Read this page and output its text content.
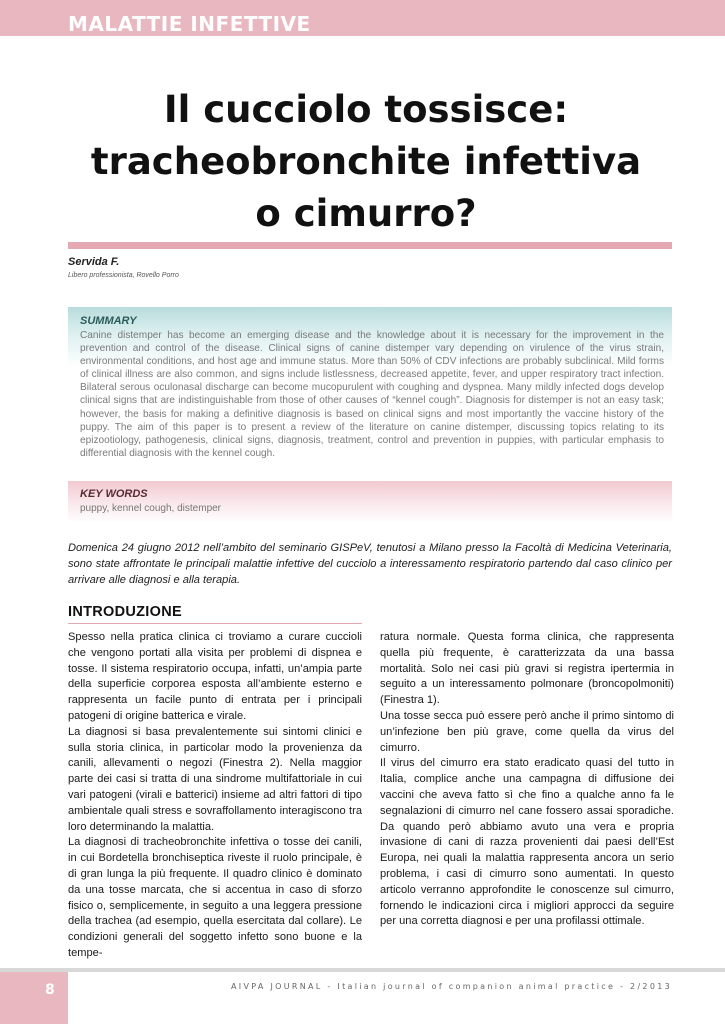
MALATTIE INFETTIVE
Il cucciolo tossisce:
tracheobronchite infettiva
o cimurro?
Servida F.
Libero professionista, Rovello Porro
SUMMARY
Canine distemper has become an emerging disease and the knowledge about it is necessary for the improvement in the prevention and control of the disease. Clinical signs of canine distemper vary depending on virulence of the virus strain, environmental conditions, and host age and immune status. More than 50% of CDV infections are probably subclinical. Mild forms of clinical illness are also common, and signs include listlessness, decreased appetite, fever, and upper respiratory tract infection. Bilateral serous oculonasal discharge can become mucopurulent with coughing and dyspnea. Many mildly infected dogs develop clinical signs that are indistinguishable from those of other causes of “kennel cough”. Diagnosis for distemper is not an easy task; however, the basis for making a definitive diagnosis is based on clinical signs and most importantly the vaccine history of the puppy. The aim of this paper is to present a review of the literature on canine distemper, discussing topics relating to its epizootiology, pathogenesis, clinical signs, diagnosis, treatment, control and prevention in puppies, with particular emphasis to differential diagnosis with the kennel cough.
KEY WORDS
puppy, kennel cough, distemper
Domenica 24 giugno 2012 nell’ambito del seminario GISPeV, tenutosi a Milano presso la Facoltà di Medicina Veterinaria, sono state affrontate le principali malattie infettive del cucciolo a interessamento respiratorio partendo dal caso clinico per arrivare alle diagnosi e alla terapia.
INTRODUZIONE

Spesso nella pratica clinica ci troviamo a curare cuccioli che vengono portati alla visita per problemi di dispnea e tosse. Il sistema respiratorio occupa, infatti, un’ampia parte della superficie corporea esposta all’ambiente esterno e rappresenta un facile punto di entrata per i principali patogeni di origine batterica e virale.

La diagnosi si basa prevalentemente sui sintomi clinici e sulla storia clinica, in particolar modo la provenienza da canili, allevamenti o negozi (Finestra 2). Nella maggior parte dei casi si tratta di una sindrome multifattoriale in cui vari patogeni (virali e batterici) insieme ad altri fattori di tipo ambientale quali stress e sovraffollamento interagiscono tra loro determinando la malattia.

La diagnosi di tracheobronchite infettiva o tosse dei canili, in cui Bordetella bronchiseptica riveste il ruolo principale, è di gran lunga la più frequente. Il quadro clinico è dominato da una tosse marcata, che si accentua in caso di sforzo fisico o, semplicemente, in seguito a una leggera pressione della trachea (ad esempio, quella esercitata dal collare). Le condizioni generali del soggetto infetto sono buone e la tempe-

ratura normale. Questa forma clinica, che rappresenta quella più frequente, è caratterizzata da una bassa mortalità. Solo nei casi più gravi si registra ipertermia in seguito a un interessamento polmonare (broncopolmoniti) (Finestra 1).

Una tosse secca può essere però anche il primo sintomo di un’infezione ben più grave, come quella da virus del cimurro.

Il virus del cimurro era stato eradicato quasi del tutto in Italia, complice anche una campagna di diffusione dei vaccini che aveva fatto sì che fino a qualche anno fa le segnalazioni di cimurro nel cane fossero assai sporadiche. Da quando però abbiamo avuto una vera e propria invasione di cani di razza provenienti dai paesi dell’Est Europa, nei quali la malattia rappresenta ancora un serio problema, i casi di cimurro sono aumentati. In questo articolo verranno approfondite le conoscenze sul cimurro, fornendo le indicazioni circa i migliori approcci da seguire per una corretta diagnosi e per una profilassi ottimale.

8	AIVPA JOURNAL - Italian journal of companion animal practice - 2/2013
